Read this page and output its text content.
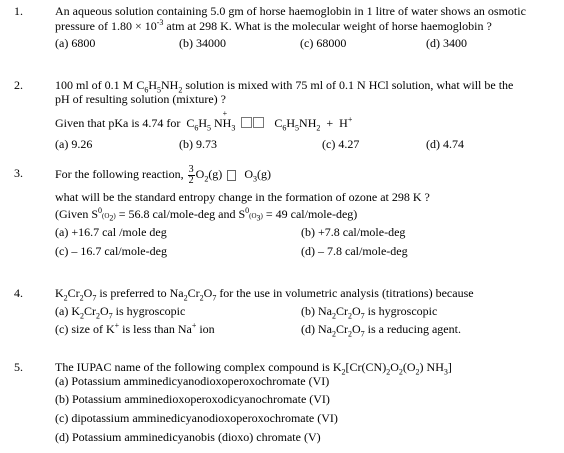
1.	An aqueous solution containing 5.0 gm of horse haemoglobin in 1 litre of water shows an osmotic
pressure of $1.80 \times 10^{-3}$ atm at 298 K. What is the molecular weight of horse haemoglobin ?
(a) 6800	(b) 34000	(c) 68000	(d) 3400
2.	100 ml of 0.1 M $C_6H_5NH_2$ solution is mixed with 75 ml of 0.1 N HCl solution, what will be the
pH of resulting solution (mixture) ?
Given that pKa is 4.74 for  $C_6H_5$ NH
+
$_3$	$C_6H_5NH_2 + H^+$
(a) 9.26	(b) 9.73	(c) 4.27	(d) 4.74
3.	For the following reaction, $\frac{3}{2} O_2(g)$   $O_3(g)$
what will be the standard entropy change in the formation of ozone at 298 K ?
(Given $S^0(O_2) = 56.8$ cal/mole-deg and $S^0(O_3) = 49$ cal/mole-deg)
(a) +16.7 cal /mole deg	(b) +7.8 cal/mole-deg
(c) – 16.7 cal/mole-deg	(d) – 7.8 cal/mole-deg
4.	$K_2Cr_2O_7$ is preferred to $Na_2Cr_2O_7$ for the use in volumetric analysis (titrations) because
(a) $K_2Cr_2O_7$ is hygroscopic	(b) $Na_2Cr_2O_7$ is hygroscopic
(c) size of K+ is less than Na+ ion	(d) $Na_2Cr_2O_7$ is a reducing agent.
5.	The IUPAC name of the following complex compound is $K_2[Cr(CN)_2O_2(O_2)$ $NH_3$]
(a) Potassium amminedicyanodioxoperoxochromate (VI)
(b) Potassium amminedioxoperoxodicyanochromate (VI)
(c) dipotassium amminedicyanodioxoperoxochromate (VI)
(d) Potassium amminedicyanobis (dioxo) chromate (V)
